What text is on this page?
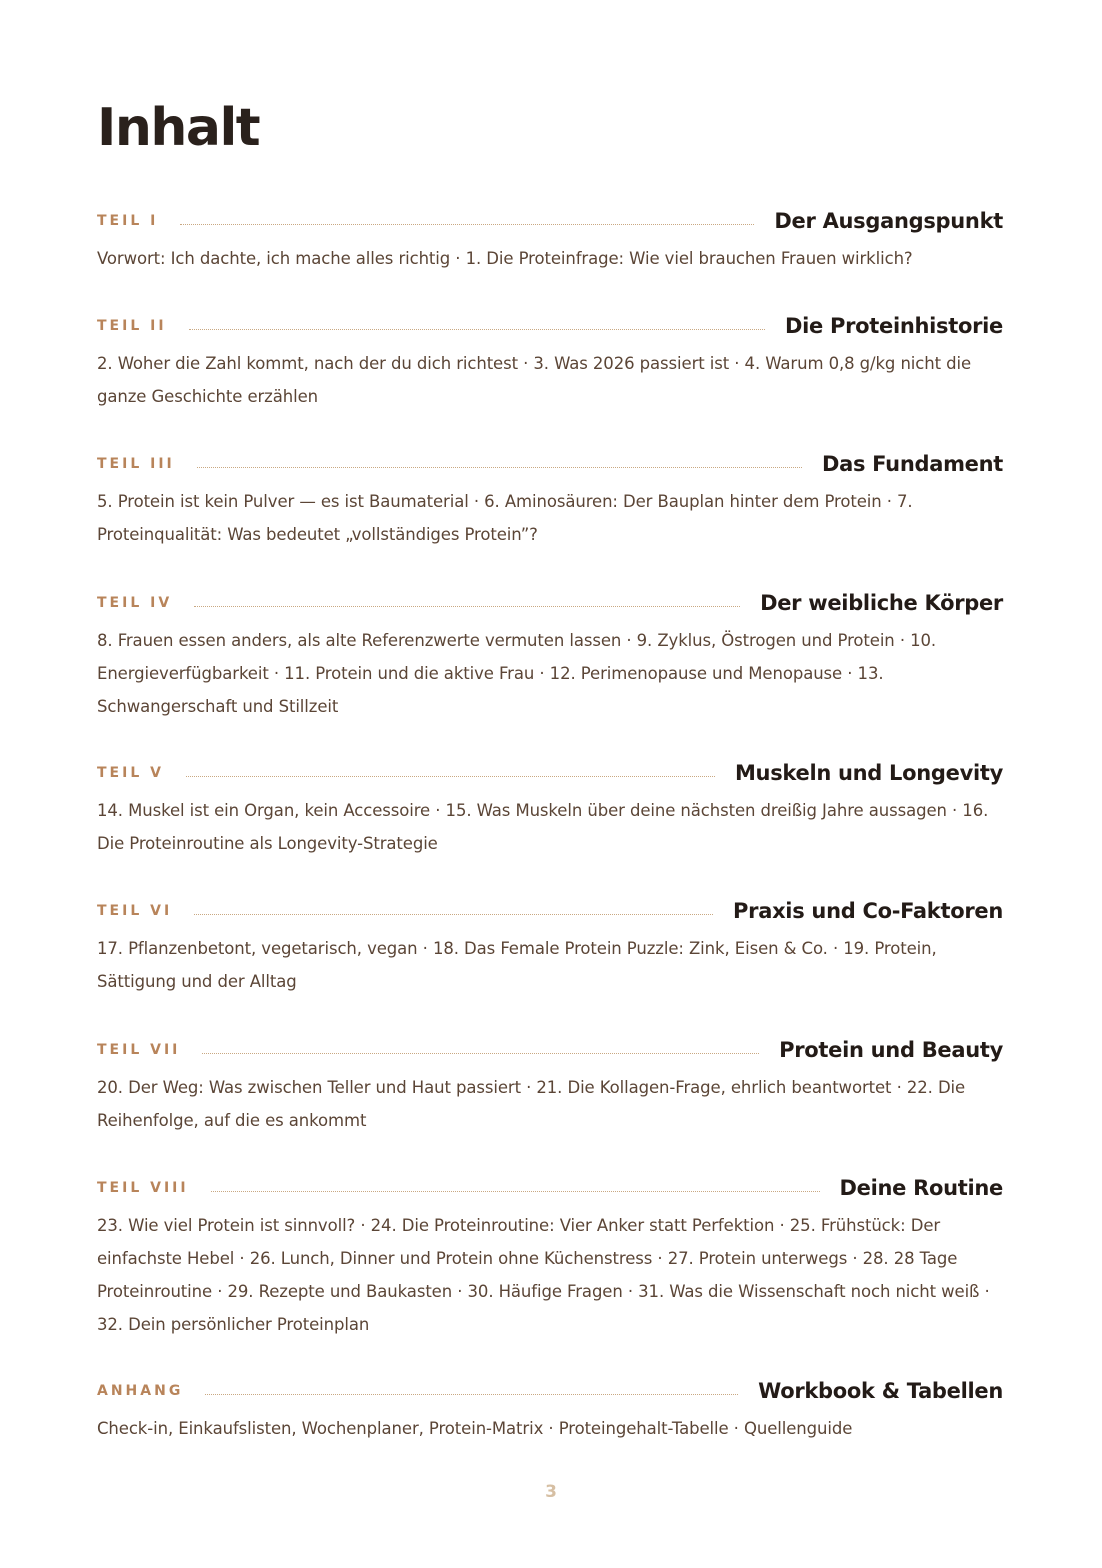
Inhalt
TEIL I	Der Ausgangspunkt
Vorwort: Ich dachte, ich mache alles richtig · 1. Die Proteinfrage: Wie viel brauchen Frauen wirklich?
TEIL II	Die Proteinhistorie
2. Woher die Zahl kommt, nach der du dich richtest · 3. Was 2026 passiert ist · 4. Warum 0,8 g/kg nicht die ganze Geschichte erzählen
TEIL III	Das Fundament
5. Protein ist kein Pulver — es ist Baumaterial · 6. Aminosäuren: Der Bauplan hinter dem Protein · 7. Proteinqualität: Was bedeutet „vollständiges Protein”?
TEIL IV	Der weibliche Körper
8. Frauen essen anders, als alte Referenzwerte vermuten lassen · 9. Zyklus, Östrogen und Protein · 10. Energieverfügbarkeit · 11. Protein und die aktive Frau · 12. Perimenopause und Menopause · 13. Schwangerschaft und Stillzeit
TEIL V	Muskeln und Longevity
14. Muskel ist ein Organ, kein Accessoire · 15. Was Muskeln über deine nächsten dreißig Jahre aussagen · 16. Die Proteinroutine als Longevity-Strategie
TEIL VI	Praxis und Co-Faktoren
17. Pflanzenbetont, vegetarisch, vegan · 18. Das Female Protein Puzzle: Zink, Eisen & Co. · 19. Protein, Sättigung und der Alltag
TEIL VII	Protein und Beauty
20. Der Weg: Was zwischen Teller und Haut passiert · 21. Die Kollagen-Frage, ehrlich beantwortet · 22. Die Reihenfolge, auf die es ankommt
TEIL VIII	Deine Routine
23. Wie viel Protein ist sinnvoll? · 24. Die Proteinroutine: Vier Anker statt Perfektion · 25. Frühstück: Der einfachste Hebel · 26. Lunch, Dinner und Protein ohne Küchenstress · 27. Protein unterwegs · 28. 28 Tage Proteinroutine · 29. Rezepte und Baukasten · 30. Häufige Fragen · 31. Was die Wissenschaft noch nicht weiß · 32. Dein persönlicher Proteinplan
ANHANG	Workbook & Tabellen
Check-in, Einkaufslisten, Wochenplaner, Protein-Matrix · Proteingehalt-Tabelle · Quellenguide
3
